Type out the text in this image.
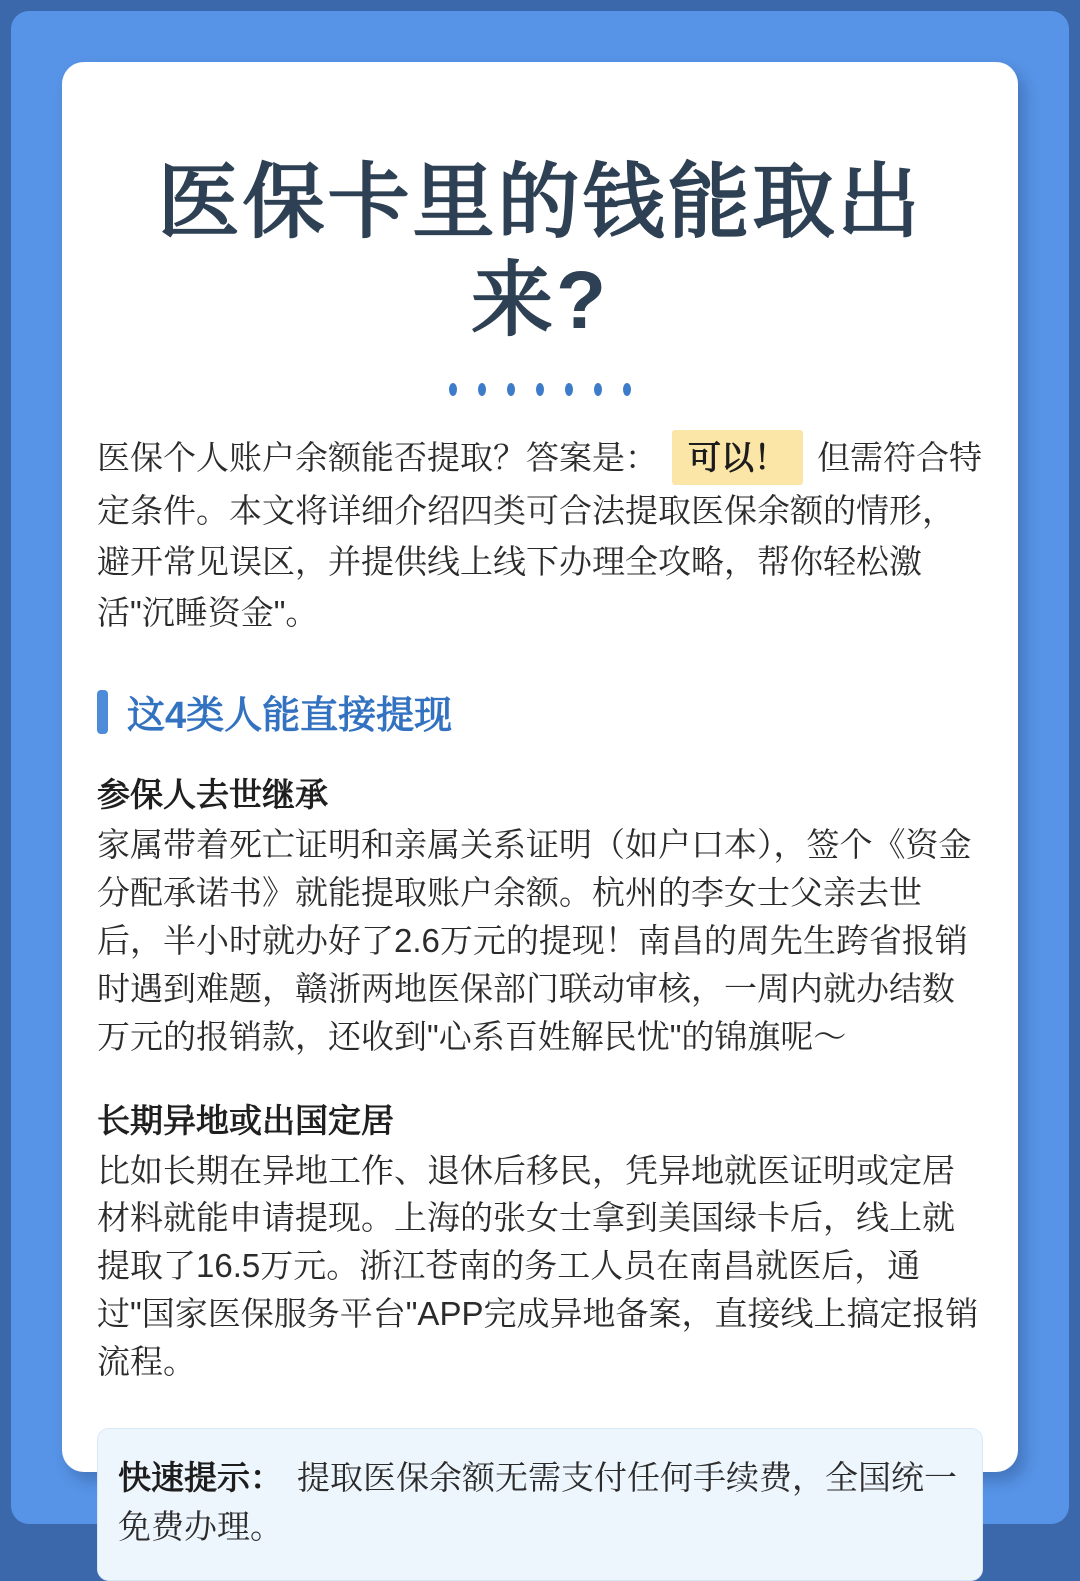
医保卡里的钱能取出来?

医保个人账户余额能否提取？答案是： 可以！ 但需符合特定条件。本文将详细介绍四类可合法提取医保余额的情形，避开常见误区，并提供线上线下办理全攻略，帮你轻松激活"沉睡资金"。

这4类人能直接提现
参保人去世继承

家属带着死亡证明和亲属关系证明（如户口本），签个《资金分配承诺书》就能提取账户余额。杭州的李女士父亲去世后，半小时就办好了2.6万元的提现！南昌的周先生跨省报销时遇到难题，赣浙两地医保部门联动审核，一周内就办结数万元的报销款，还收到"心系百姓解民忧"的锦旗呢～

长期异地或出国定居

比如长期在异地工作、退休后移民，凭异地就医证明或定居材料就能申请提现。上海的张女士拿到美国绿卡后，线上就提取了16.5万元。浙江苍南的务工人员在南昌就医后，通过"国家医保服务平台"APP完成异地备案，直接线上搞定报销流程。

快速提示： 提取医保余额无需支付任何手续费，全国统一免费办理。
